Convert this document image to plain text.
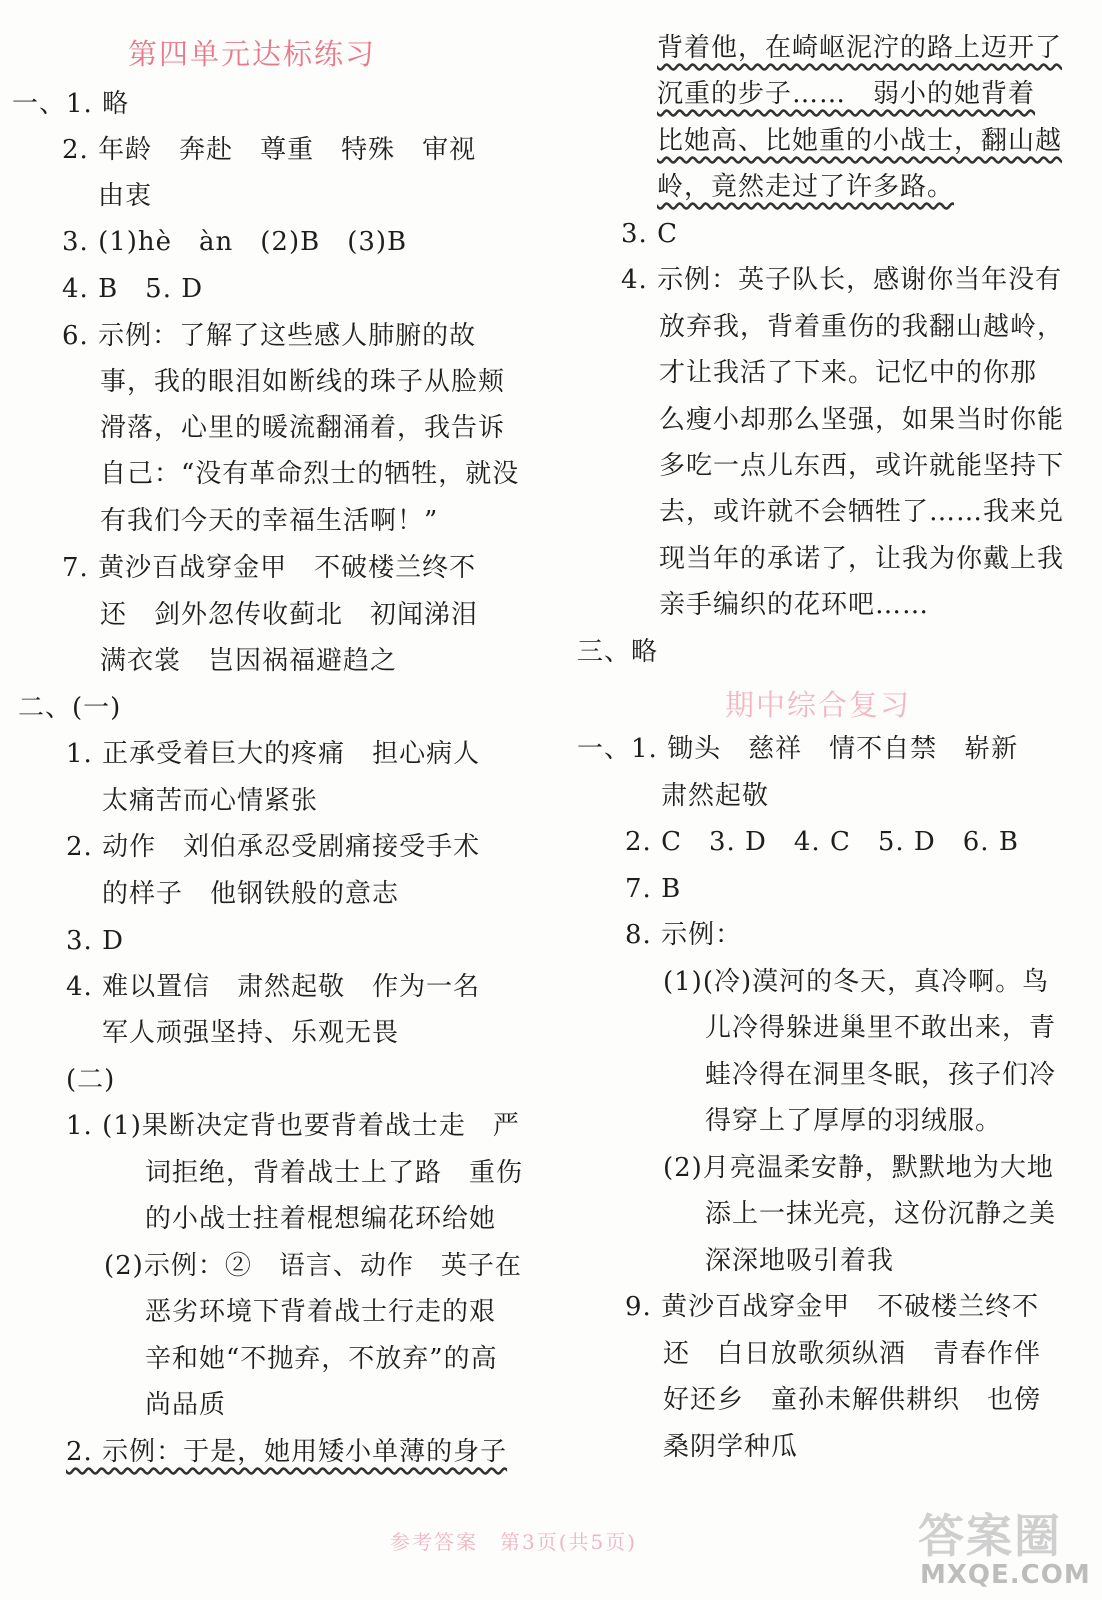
第四单元达标练习
一、1. 略
2. 年龄　奔赴　尊重　特殊　审视
由衷
3. (1)hè　àn　(2)B　(3)B
4. B　5. D
6. 示例：了解了这些感人肺腑的故
事，我的眼泪如断线的珠子从脸颊
滑落，心里的暖流翻涌着，我告诉
自己：“没有革命烈士的牺牲，就没
有我们今天的幸福生活啊！”
7. 黄沙百战穿金甲　不破楼兰终不
还　剑外忽传收蓟北　初闻涕泪
满衣裳　岂因祸福避趋之
二、(一)
1. 正承受着巨大的疼痛　担心病人
太痛苦而心情紧张
2. 动作　刘伯承忍受剧痛接受手术
的样子　他钢铁般的意志
3. D
4. 难以置信　肃然起敬　作为一名
军人顽强坚持、乐观无畏
(二)
1. (1)果断决定背也要背着战士走　严
词拒绝，背着战士上了路　重伤
的小战士拄着棍想编花环给她
(2)示例：②　语言、动作　英子在
恶劣环境下背着战士行走的艰
辛和她“不抛弃，不放弃”的高
尚品质
2. 示例：于是，她用矮小单薄的身子
背着他，在崎岖泥泞的路上迈开了
沉重的步子……　弱小的她背着
比她高、比她重的小战士，翻山越
岭，竟然走过了许多路。
3. C
4. 示例：英子队长，感谢你当年没有
放弃我，背着重伤的我翻山越岭，
才让我活了下来。记忆中的你那
么瘦小却那么坚强，如果当时你能
多吃一点儿东西，或许就能坚持下
去，或许就不会牺牲了……我来兑
现当年的承诺了，让我为你戴上我
亲手编织的花环吧……
三、略
期中综合复习
一、1. 锄头　慈祥　情不自禁　崭新
肃然起敬
2. C　3. D　4. C　5. D　6. B
7. B
8. 示例：
(1)(冷)漠河的冬天，真冷啊。鸟
儿冷得躲进巢里不敢出来，青
蛙冷得在洞里冬眠，孩子们冷
得穿上了厚厚的羽绒服。
(2)月亮温柔安静，默默地为大地
添上一抹光亮，这份沉静之美
深深地吸引着我
9. 黄沙百战穿金甲　不破楼兰终不
还　白日放歌须纵酒　青春作伴
好还乡　童孙未解供耕织　也傍
桑阴学种瓜
参考答案　第3页(共5页)	答案圈
MXQE.COM
